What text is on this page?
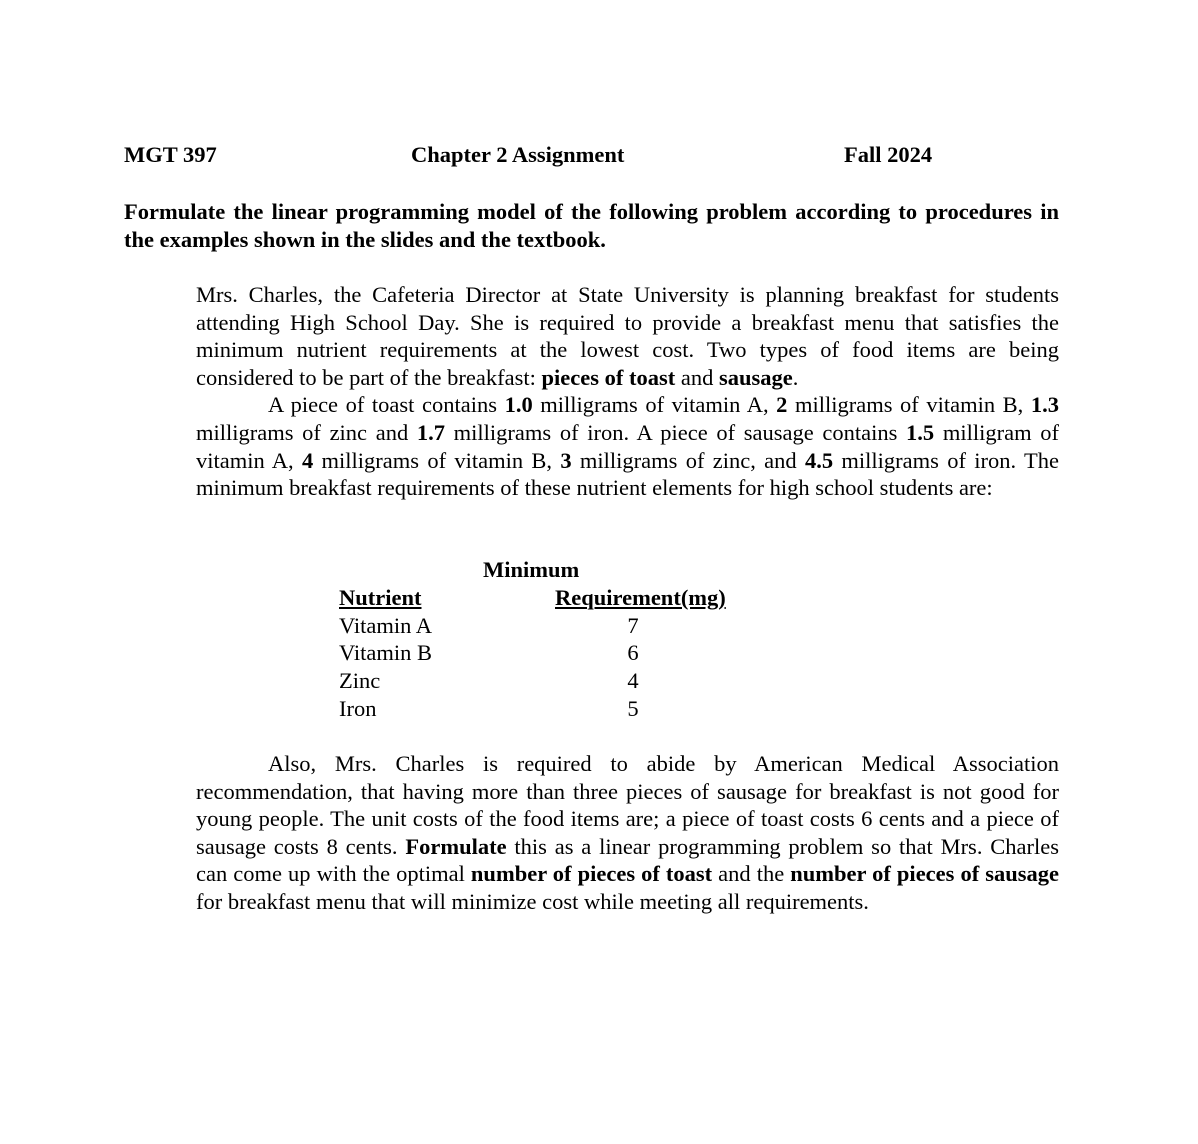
MGT 397	Chapter 2 Assignment	Fall 2024
Formulate the linear programming model of the following problem according to procedures in the examples shown in the slides and the textbook.

Mrs. Charles, the Cafeteria Director at State University is planning breakfast for students attending High School Day. She is required to provide a breakfast menu that satisfies the minimum nutrient requirements at the lowest cost. Two types of food items are being considered to be part of the breakfast: pieces of toast and sausage.

A piece of toast contains 1.0 milligrams of vitamin A, 2 milligrams of vitamin B, 1.3 milligrams of zinc and 1.7 milligrams of iron. A piece of sausage contains 1.5 milligram of vitamin A, 4 milligrams of vitamin B, 3 milligrams of zinc, and 4.5 milligrams of iron. The minimum breakfast requirements of these nutrient elements for high school students are:

Minimum
Nutrient	Requirement(mg)
Vitamin A	7
Vitamin B	6
Zinc	4
Iron	5

Also, Mrs. Charles is required to abide by American Medical Association recommendation, that having more than three pieces of sausage for breakfast is not good for young people. The unit costs of the food items are; a piece of toast costs 6 cents and a piece of sausage costs 8 cents. Formulate this as a linear programming problem so that Mrs. Charles can come up with the optimal number of pieces of toast and the number of pieces of sausage for breakfast menu that will minimize cost while meeting all requirements.
